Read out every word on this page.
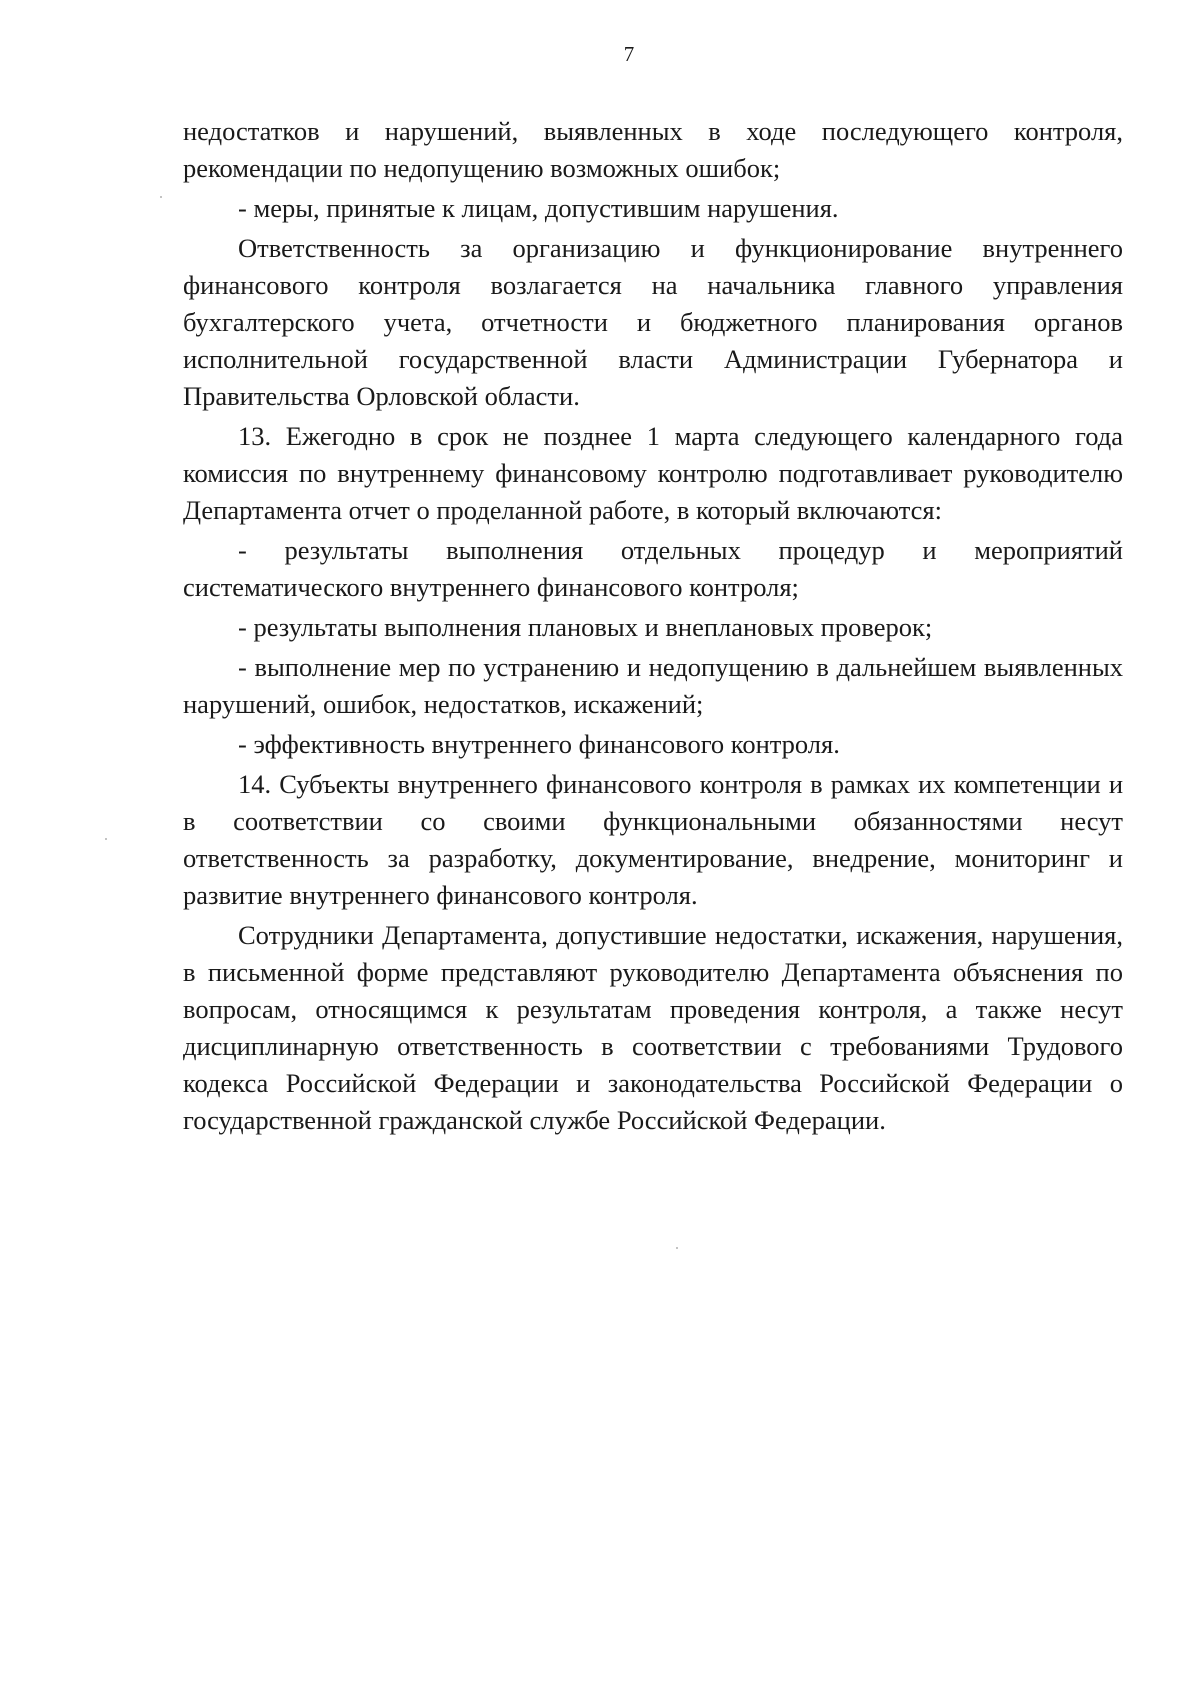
7

недостатков и нарушений, выявленных в ходе последующего контроля, рекомендации по недопущению возможных ошибок;

- меры, принятые к лицам, допустившим нарушения.

Ответственность за организацию и функционирование внутреннего финансового контроля возлагается на начальника главного управления бухгалтерского учета, отчетности и бюджетного планирования органов исполнительной государственной власти Администрации Губернатора и Правительства Орловской области.

13. Ежегодно в срок не позднее 1 марта следующего календарного года комиссия по внутреннему финансовому контролю подготавливает руководителю Департамента отчет о проделанной работе, в который включаются:

- результаты выполнения отдельных процедур и мероприятий систематического внутреннего финансового контроля;

- результаты выполнения плановых и внеплановых проверок;

- выполнение мер по устранению и недопущению в дальнейшем выявленных нарушений, ошибок, недостатков, искажений;

- эффективность внутреннего финансового контроля.

14. Субъекты внутреннего финансового контроля в рамках их компетенции и в соответствии со своими функциональными обязанностями несут ответственность за разработку, документирование, внедрение, мониторинг и развитие внутреннего финансового контроля.

Сотрудники Департамента, допустившие недостатки, искажения, нарушения, в письменной форме представляют руководителю Департамента объяснения по вопросам, относящимся к результатам проведения контроля, а также несут дисциплинарную ответственность в соответствии с требованиями Трудового кодекса Российской Федерации и законодательства Российской Федерации о государственной гражданской службе Российской Федерации.
